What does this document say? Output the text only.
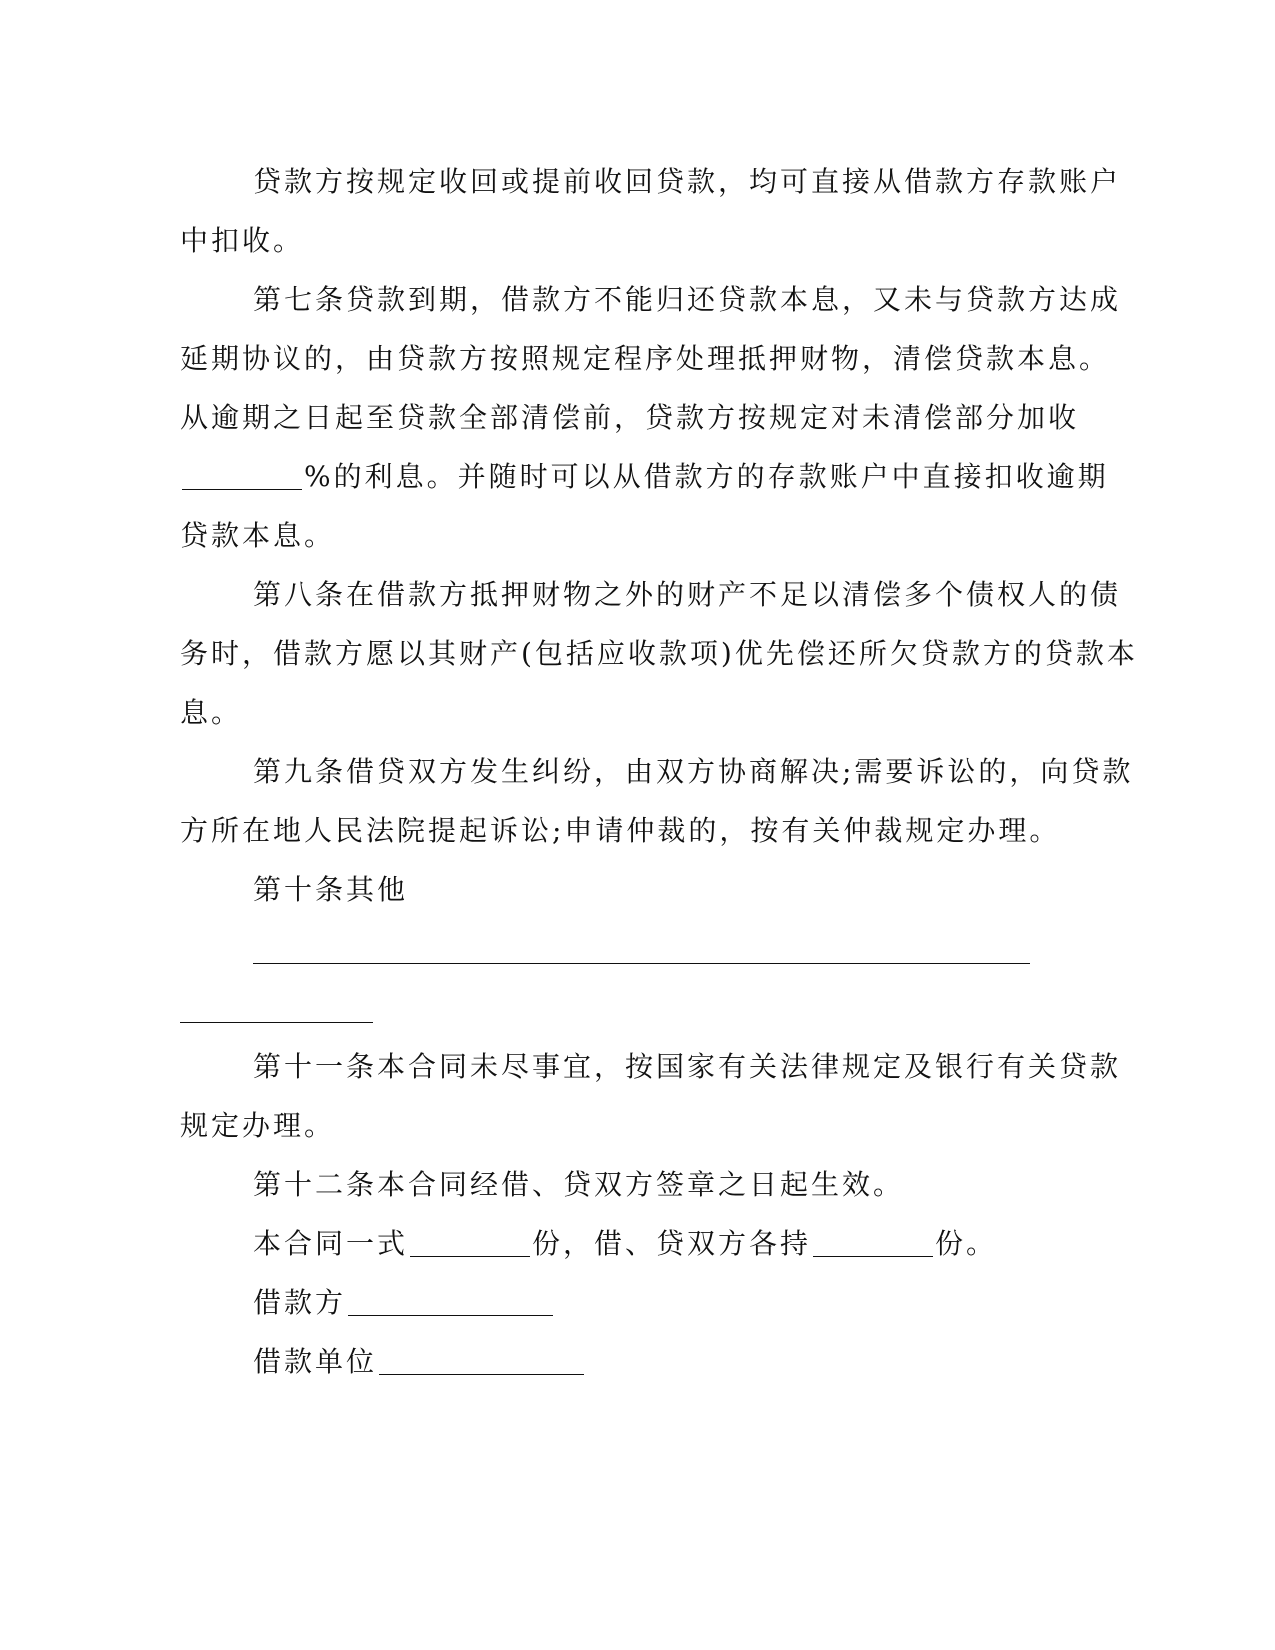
贷款方按规定收回或提前收回贷款，均可直接从借款方存款账户
中扣收。
第七条贷款到期，借款方不能归还贷款本息，又未与贷款方达成
延期协议的，由贷款方按照规定程序处理抵押财物，清偿贷款本息。
从逾期之日起至贷款全部清偿前，贷款方按规定对未清偿部分加收
%的利息。并随时可以从借款方的存款账户中直接扣收逾期
贷款本息。
第八条在借款方抵押财物之外的财产不足以清偿多个债权人的债
务时，借款方愿以其财产(包括应收款项)优先偿还所欠贷款方的贷款本
息。
第九条借贷双方发生纠纷，由双方协商解决;需要诉讼的，向贷款
方所在地人民法院提起诉讼;申请仲裁的，按有关仲裁规定办理。
第十条其他
第十一条本合同未尽事宜，按国家有关法律规定及银行有关贷款
规定办理。
第十二条本合同经借、贷双方签章之日起生效。
本合同一式	份，借、贷双方各持	份。
借款方
借款单位
